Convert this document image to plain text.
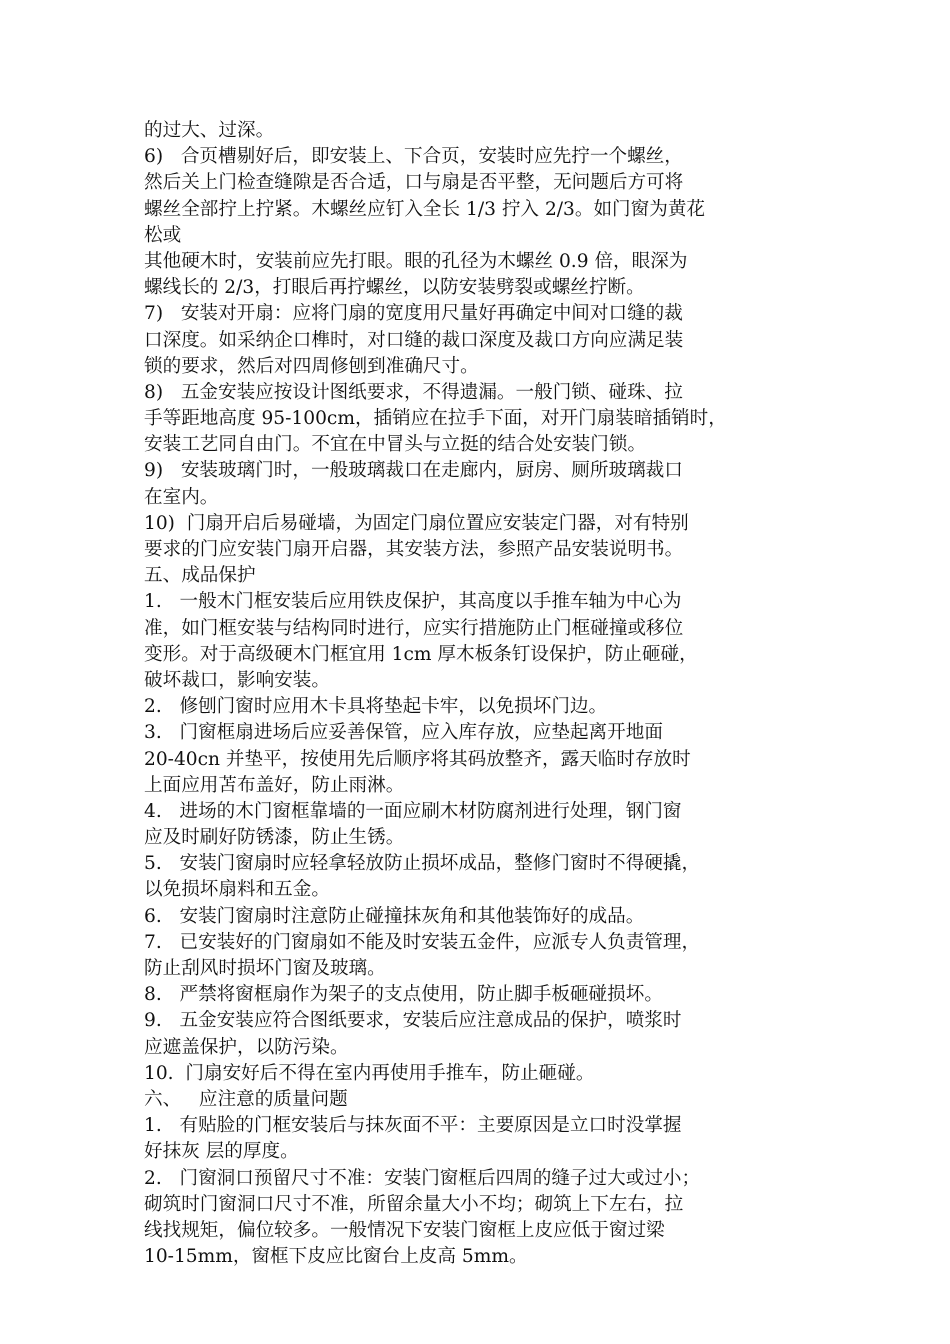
的过大、过深。
6)   合页槽剔好后，即安装上、下合页，安装时应先拧一个螺丝，
然后关上门检查缝隙是否合适，口与扇是否平整，无问题后方可将
螺丝全部拧上拧紧。木螺丝应钉入全长 1/3 拧入 2/3。如门窗为黄花
松或
其他硬木时，安装前应先打眼。眼的孔径为木螺丝 0.9 倍，眼深为
螺线长的 2/3，打眼后再拧螺丝，以防安装劈裂或螺丝拧断。
7)   安装对开扇：应将门扇的宽度用尺量好再确定中间对口缝的裁
口深度。如采纳企口榫时，对口缝的裁口深度及裁口方向应满足装
锁的要求，然后对四周修刨到准确尺寸。
8)   五金安装应按设计图纸要求，不得遗漏。一般门锁、碰珠、拉
手等距地高度 95-100cm，插销应在拉手下面，对开门扇装暗插销时，
安装工艺同自由门。不宜在中冒头与立挺的结合处安装门锁。
9)   安装玻璃门时，一般玻璃裁口在走廊内，厨房、厕所玻璃裁口
在室内。
10)  门扇开启后易碰墙，为固定门扇位置应安装定门器，对有特别
要求的门应安装门扇开启器，其安装方法，参照产品安装说明书。
五、成品保护
1.   一般木门框安装后应用铁皮保护，其高度以手推车轴为中心为
准，如门框安装与结构同时进行，应实行措施防止门框碰撞或移位
变形。对于高级硬木门框宜用 1cm 厚木板条钉设保护，防止砸碰，
破坏裁口，影响安装。
2.   修刨门窗时应用木卡具将垫起卡牢，以免损坏门边。
3.   门窗框扇进场后应妥善保管，应入库存放，应垫起离开地面
20-40cn 并垫平，按使用先后顺序将其码放整齐，露天临时存放时
上面应用苫布盖好，防止雨淋。
4.   进场的木门窗框靠墙的一面应刷木材防腐剂进行处理，钢门窗
应及时刷好防锈漆，防止生锈。
5.   安装门窗扇时应轻拿轻放防止损坏成品，整修门窗时不得硬撬，
以免损坏扇料和五金。
6.   安装门窗扇时注意防止碰撞抹灰角和其他装饰好的成品。
7.   已安装好的门窗扇如不能及时安装五金件，应派专人负责管理，
防止刮风时损坏门窗及玻璃。
8.   严禁将窗框扇作为架子的支点使用，防止脚手板砸碰损坏。
9.   五金安装应符合图纸要求，安装后应注意成品的保护，喷浆时
应遮盖保护，以防污染。
10.  门扇安好后不得在室内再使用手推车，防止砸碰。
六、   应注意的质量问题
1.   有贴脸的门框安装后与抹灰面不平：主要原因是立口时没掌握
好抹灰 层的厚度。
2.   门窗洞口预留尺寸不准：安装门窗框后四周的缝子过大或过小；
砌筑时门窗洞口尺寸不准，所留余量大小不均；砌筑上下左右，拉
线找规矩，偏位较多。一般情况下安装门窗框上皮应低于窗过梁
10-15mm，窗框下皮应比窗台上皮高 5mm。
